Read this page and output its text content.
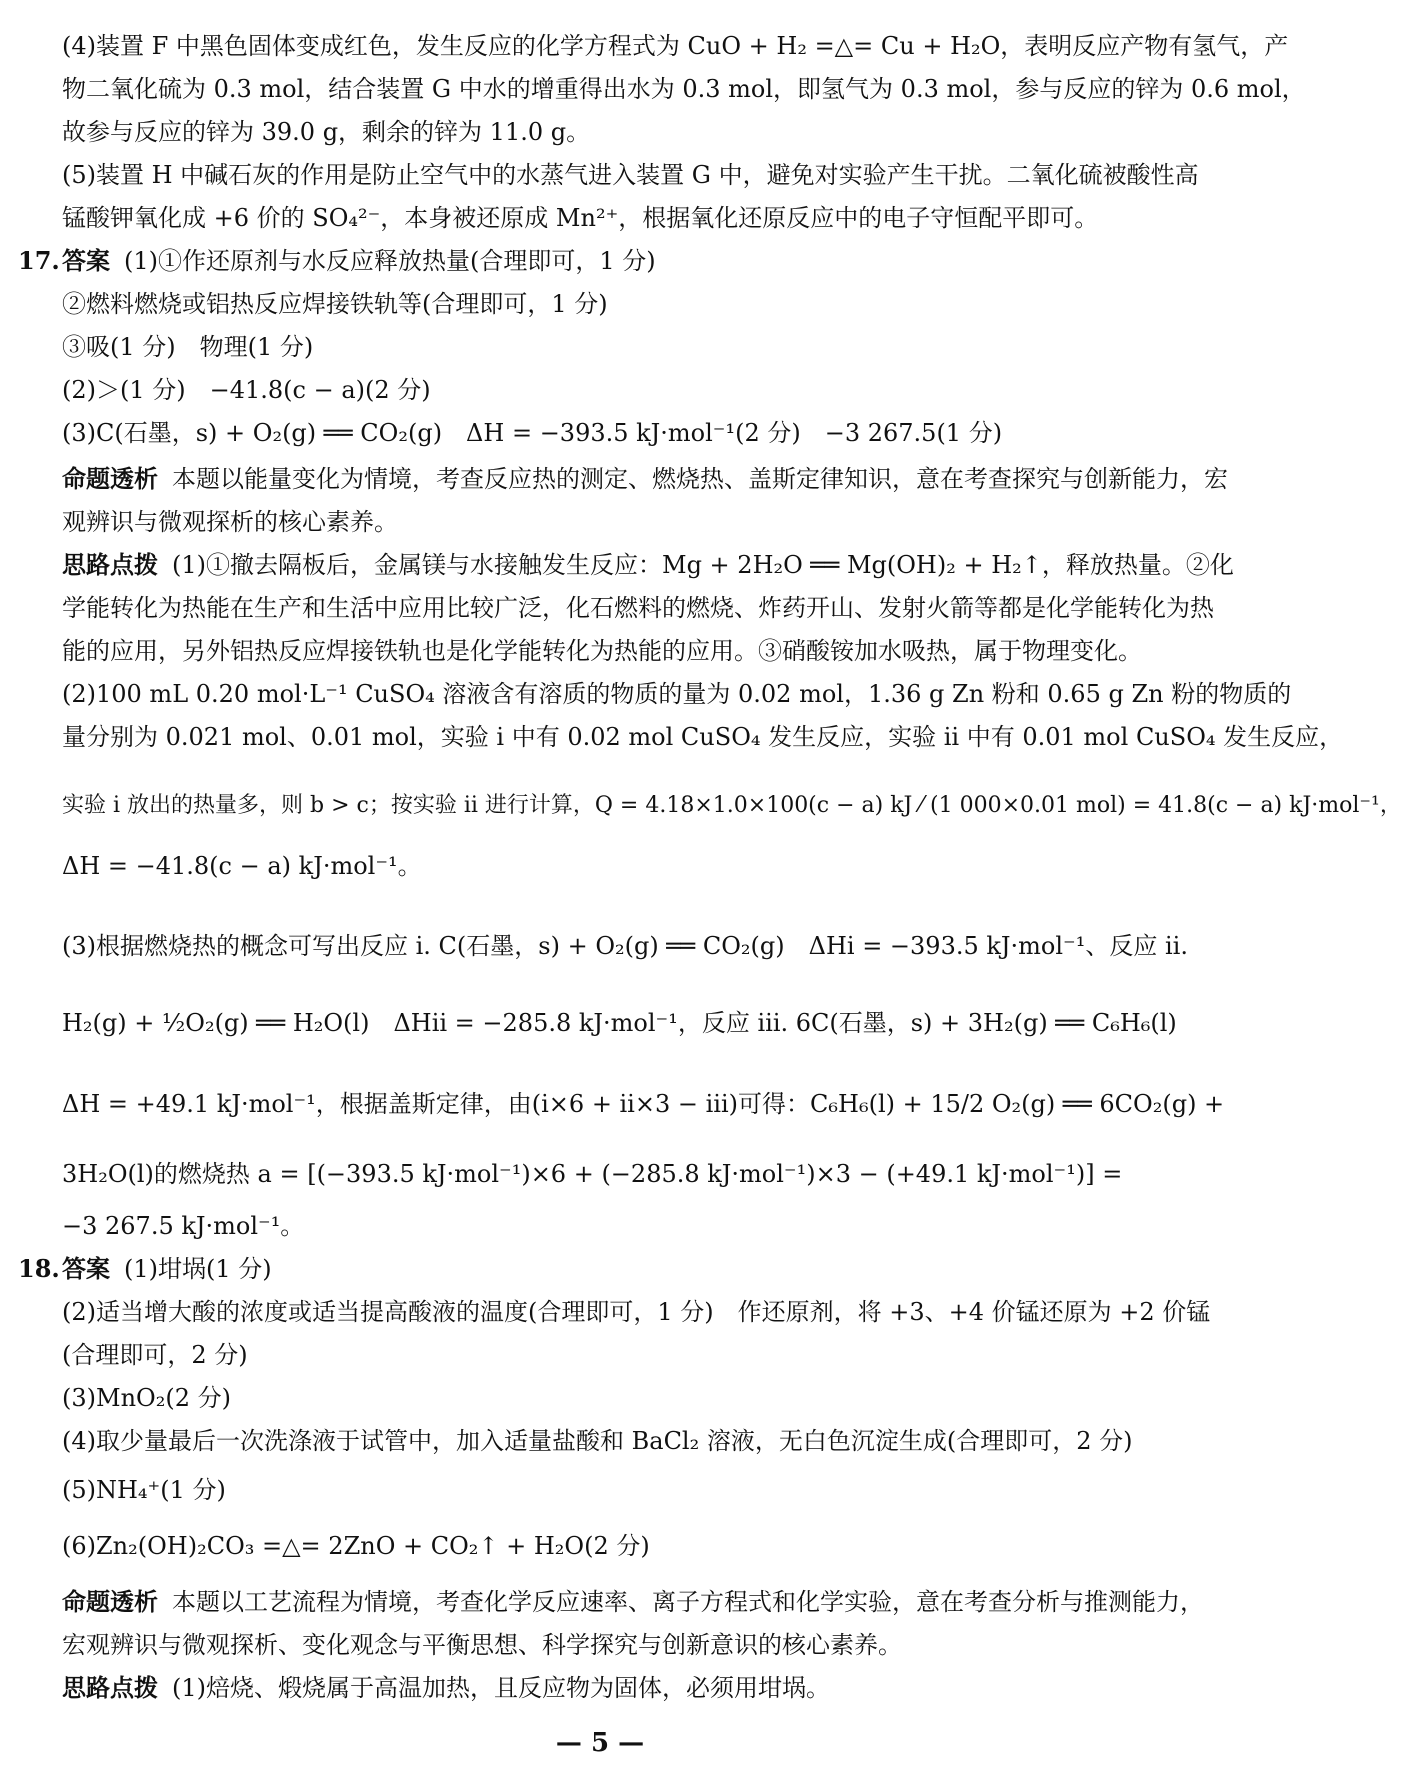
(4)装置 F 中黑色固体变成红色，发生反应的化学方程式为 CuO + H₂ =△= Cu + H₂O，表明反应产物有氢气，产
物二氧化硫为 0.3 mol，结合装置 G 中水的增重得出水为 0.3 mol，即氢气为 0.3 mol，参与反应的锌为 0.6 mol，
故参与反应的锌为 39.0 g，剩余的锌为 11.0 g。
(5)装置 H 中碱石灰的作用是防止空气中的水蒸气进入装置 G 中，避免对实验产生干扰。二氧化硫被酸性高
锰酸钾氧化成 +6 价的 SO₄²⁻，本身被还原成 Mn²⁺，根据氧化还原反应中的电子守恒配平即可。
17. 答案 (1)①作还原剂与水反应释放热量(合理即可，1 分)
②燃料燃烧或铝热反应焊接铁轨等(合理即可，1 分)
③吸(1 分)　物理(1 分)
(2)＞(1 分)　−41.8(c − a)(2 分)
(3)C(石墨，s) + O₂(g) ══ CO₂(g)　ΔH = −393.5 kJ·mol⁻¹(2 分)　−3 267.5(1 分)
命题透析 本题以能量变化为情境，考查反应热的测定、燃烧热、盖斯定律知识，意在考查探究与创新能力，宏
观辨识与微观探析的核心素养。
思路点拨 (1)①撤去隔板后，金属镁与水接触发生反应：Mg + 2H₂O ══ Mg(OH)₂ + H₂↑，释放热量。②化
学能转化为热能在生产和生活中应用比较广泛，化石燃料的燃烧、炸药开山、发射火箭等都是化学能转化为热
能的应用，另外铝热反应焊接铁轨也是化学能转化为热能的应用。③硝酸铵加水吸热，属于物理变化。
(2)100 mL 0.20 mol·L⁻¹ CuSO₄ 溶液含有溶质的物质的量为 0.02 mol，1.36 g Zn 粉和 0.65 g Zn 粉的物质的
量分别为 0.021 mol、0.01 mol，实验 ⅰ 中有 0.02 mol CuSO₄ 发生反应，实验 ⅱ 中有 0.01 mol CuSO₄ 发生反应，
实验 ⅰ 放出的热量多，则 b > c；按实验 ⅱ 进行计算，Q = 4.18×1.0×100(c − a) kJ ⁄ (1 000×0.01 mol) = 41.8(c − a) kJ·mol⁻¹，
ΔH = −41.8(c − a) kJ·mol⁻¹。
(3)根据燃烧热的概念可写出反应 ⅰ. C(石墨，s) + O₂(g) ══ CO₂(g)　ΔHⅰ = −393.5 kJ·mol⁻¹、反应 ⅱ.
H₂(g) + ½O₂(g) ══ H₂O(l)　ΔHⅱ = −285.8 kJ·mol⁻¹，反应 ⅲ. 6C(石墨，s) + 3H₂(g) ══ C₆H₆(l)
ΔH = +49.1 kJ·mol⁻¹，根据盖斯定律，由(ⅰ×6 + ⅱ×3 − ⅲ)可得：C₆H₆(l) + 15/2 O₂(g) ══ 6CO₂(g) +
3H₂O(l)的燃烧热 a = [(−393.5 kJ·mol⁻¹)×6 + (−285.8 kJ·mol⁻¹)×3 − (+49.1 kJ·mol⁻¹)] =
−3 267.5 kJ·mol⁻¹。
18. 答案 (1)坩埚(1 分)
(2)适当增大酸的浓度或适当提高酸液的温度(合理即可，1 分)　作还原剂，将 +3、+4 价锰还原为 +2 价锰
(合理即可，2 分)
(3)MnO₂(2 分)
(4)取少量最后一次洗涤液于试管中，加入适量盐酸和 BaCl₂ 溶液，无白色沉淀生成(合理即可，2 分)
(5)NH₄⁺(1 分)
(6)Zn₂(OH)₂CO₃ =△= 2ZnO + CO₂↑ + H₂O(2 分)
命题透析 本题以工艺流程为情境，考查化学反应速率、离子方程式和化学实验，意在考查分析与推测能力，
宏观辨识与微观探析、变化观念与平衡思想、科学探究与创新意识的核心素养。
思路点拨 (1)焙烧、煅烧属于高温加热，且反应物为固体，必须用坩埚。
— 5 —
